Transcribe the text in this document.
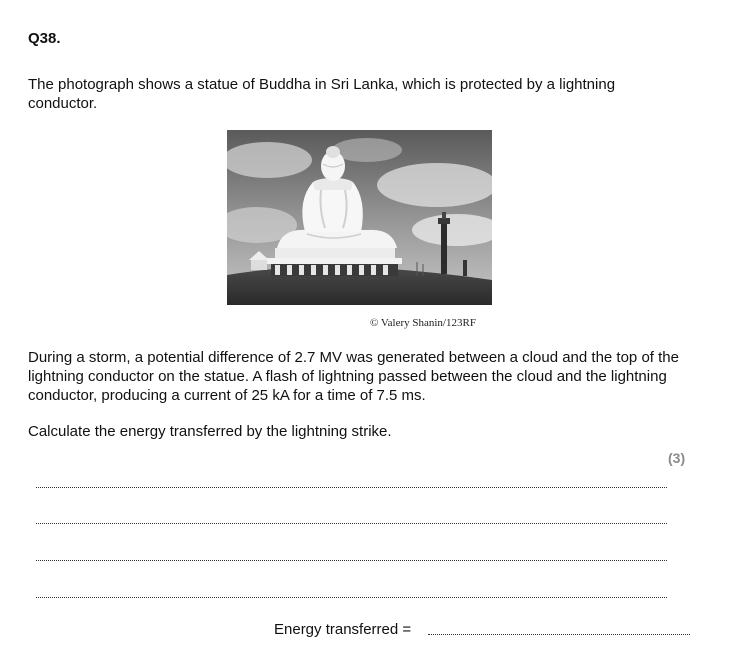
Q38.
The photograph shows a statue of Buddha in Sri Lanka, which is protected by a lightning conductor.
© Valery Shanin/123RF
During a storm, a potential difference of 2.7 MV was generated between a cloud and the top of the lightning conductor on the statue. A flash of lightning passed between the cloud and the lightning conductor, producing a current of 25 kA for a time of 7.5 ms.
Calculate the energy transferred by the lightning strike.
(3)
Energy transferred =
